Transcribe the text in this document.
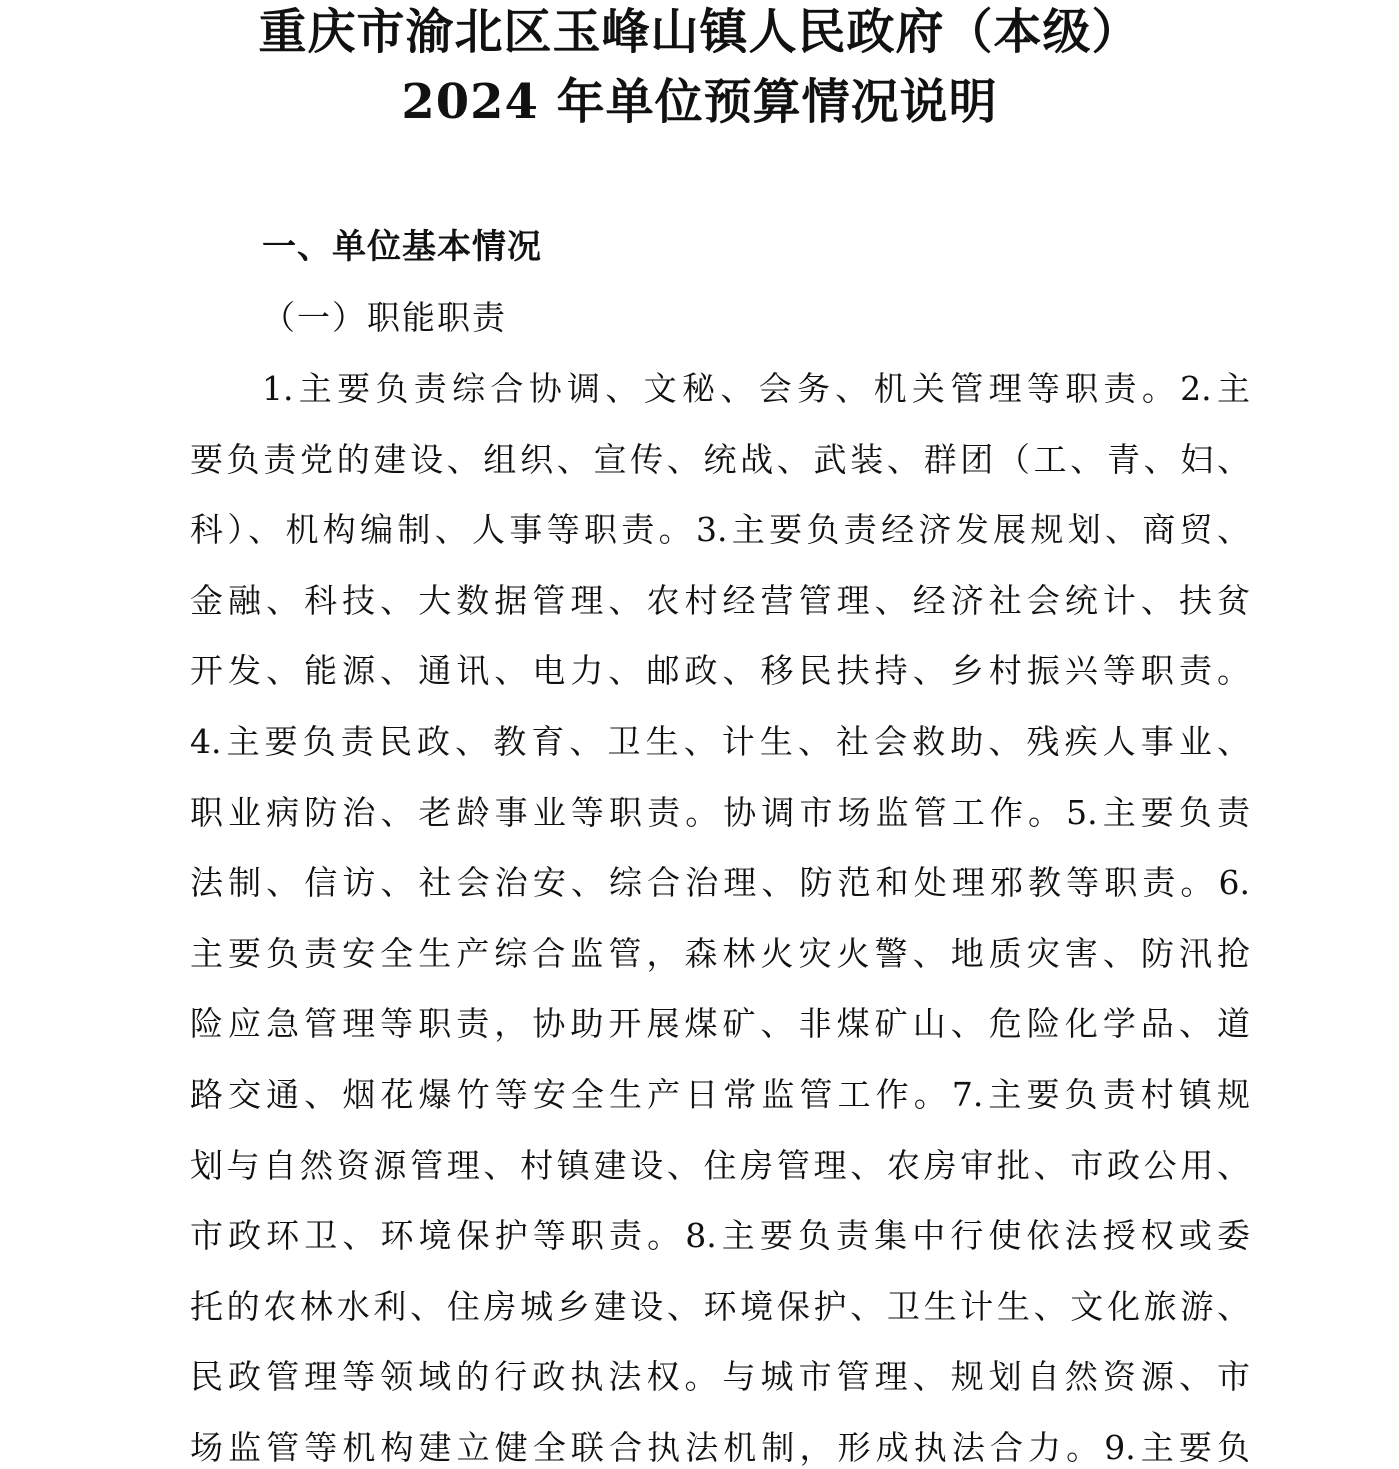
重庆市渝北区玉峰山镇人民政府（本级）
2024 年单位预算情况说明
一、单位基本情况
（一）职能职责
1.主要负责综合协调、文秘、会务、机关管理等职责。2.主
要负责党的建设、组织、宣传、统战、武装、群团（工、青、妇、
科）、机构编制、人事等职责。3.主要负责经济发展规划、商贸、
金融、科技、大数据管理、农村经营管理、经济社会统计、扶贫
开发、能源、通讯、电力、邮政、移民扶持、乡村振兴等职责。
4.主要负责民政、教育、卫生、计生、社会救助、残疾人事业、
职业病防治、老龄事业等职责。协调市场监管工作。5.主要负责
法制、信访、社会治安、综合治理、防范和处理邪教等职责。6.
主要负责安全生产综合监管，森林火灾火警、地质灾害、防汛抢
险应急管理等职责，协助开展煤矿、非煤矿山、危险化学品、道
路交通、烟花爆竹等安全生产日常监管工作。7.主要负责村镇规
划与自然资源管理、村镇建设、住房管理、农房审批、市政公用、
市政环卫、环境保护等职责。8.主要负责集中行使依法授权或委
托的农林水利、住房城乡建设、环境保护、卫生计生、文化旅游、
民政管理等领域的行政执法权。与城市管理、规划自然资源、市
场监管等机构建立健全联合执法机制，形成执法合力。9.主要负
